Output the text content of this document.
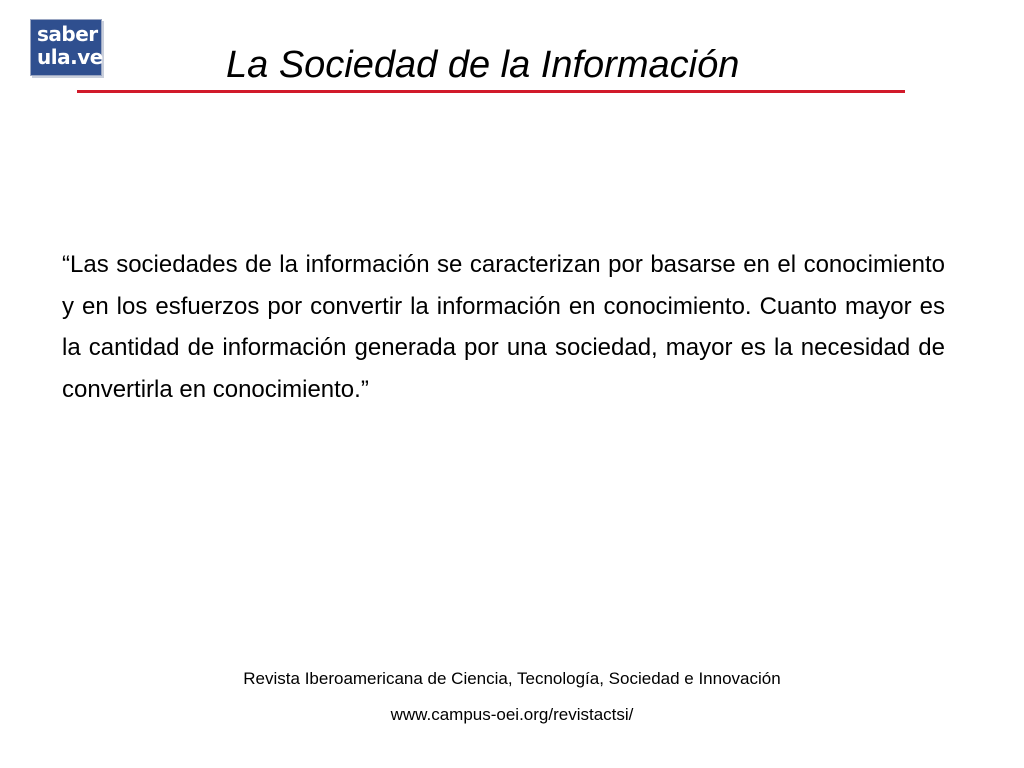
saber
ula.ve	La Sociedad de la Información

“Las sociedades de la información se caracterizan por basarse en el conocimiento y en los esfuerzos por convertir la información en conocimiento. Cuanto mayor es la cantidad de información generada por una sociedad, mayor es la necesidad de convertirla en conocimiento.”

Revista Iberoamericana de Ciencia, Tecnología, Sociedad e Innovación
www.campus-oei.org/revistactsi/
